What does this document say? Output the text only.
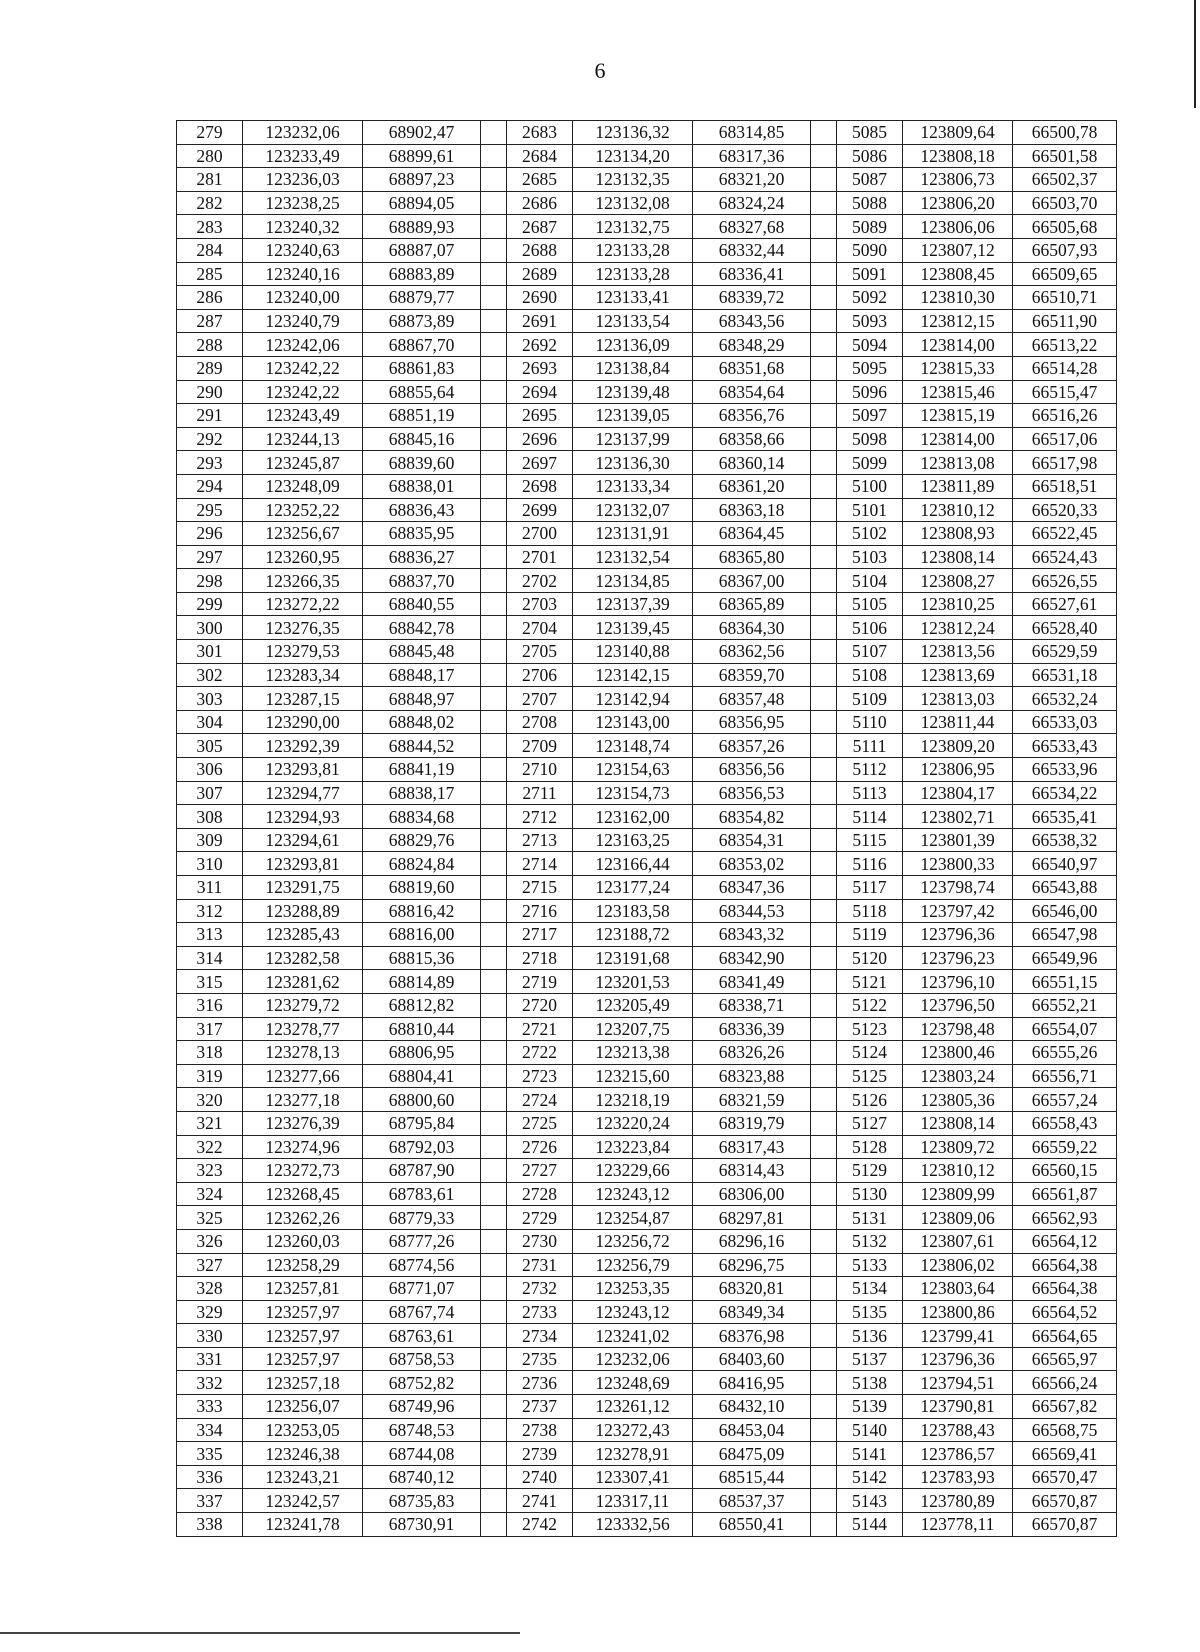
6
279	123232,06	68902,47		2683	123136,32	68314,85		5085	123809,64	66500,78
280	123233,49	68899,61		2684	123134,20	68317,36		5086	123808,18	66501,58
281	123236,03	68897,23		2685	123132,35	68321,20		5087	123806,73	66502,37
282	123238,25	68894,05		2686	123132,08	68324,24		5088	123806,20	66503,70
283	123240,32	68889,93		2687	123132,75	68327,68		5089	123806,06	66505,68
284	123240,63	68887,07		2688	123133,28	68332,44		5090	123807,12	66507,93
285	123240,16	68883,89		2689	123133,28	68336,41		5091	123808,45	66509,65
286	123240,00	68879,77		2690	123133,41	68339,72		5092	123810,30	66510,71
287	123240,79	68873,89		2691	123133,54	68343,56		5093	123812,15	66511,90
288	123242,06	68867,70		2692	123136,09	68348,29		5094	123814,00	66513,22
289	123242,22	68861,83		2693	123138,84	68351,68		5095	123815,33	66514,28
290	123242,22	68855,64		2694	123139,48	68354,64		5096	123815,46	66515,47
291	123243,49	68851,19		2695	123139,05	68356,76		5097	123815,19	66516,26
292	123244,13	68845,16		2696	123137,99	68358,66		5098	123814,00	66517,06
293	123245,87	68839,60		2697	123136,30	68360,14		5099	123813,08	66517,98
294	123248,09	68838,01		2698	123133,34	68361,20		5100	123811,89	66518,51
295	123252,22	68836,43		2699	123132,07	68363,18		5101	123810,12	66520,33
296	123256,67	68835,95		2700	123131,91	68364,45		5102	123808,93	66522,45
297	123260,95	68836,27		2701	123132,54	68365,80		5103	123808,14	66524,43
298	123266,35	68837,70		2702	123134,85	68367,00		5104	123808,27	66526,55
299	123272,22	68840,55		2703	123137,39	68365,89		5105	123810,25	66527,61
300	123276,35	68842,78		2704	123139,45	68364,30		5106	123812,24	66528,40
301	123279,53	68845,48		2705	123140,88	68362,56		5107	123813,56	66529,59
302	123283,34	68848,17		2706	123142,15	68359,70		5108	123813,69	66531,18
303	123287,15	68848,97		2707	123142,94	68357,48		5109	123813,03	66532,24
304	123290,00	68848,02		2708	123143,00	68356,95		5110	123811,44	66533,03
305	123292,39	68844,52		2709	123148,74	68357,26		5111	123809,20	66533,43
306	123293,81	68841,19		2710	123154,63	68356,56		5112	123806,95	66533,96
307	123294,77	68838,17		2711	123154,73	68356,53		5113	123804,17	66534,22
308	123294,93	68834,68		2712	123162,00	68354,82		5114	123802,71	66535,41
309	123294,61	68829,76		2713	123163,25	68354,31		5115	123801,39	66538,32
310	123293,81	68824,84		2714	123166,44	68353,02		5116	123800,33	66540,97
311	123291,75	68819,60		2715	123177,24	68347,36		5117	123798,74	66543,88
312	123288,89	68816,42		2716	123183,58	68344,53		5118	123797,42	66546,00
313	123285,43	68816,00		2717	123188,72	68343,32		5119	123796,36	66547,98
314	123282,58	68815,36		2718	123191,68	68342,90		5120	123796,23	66549,96
315	123281,62	68814,89		2719	123201,53	68341,49		5121	123796,10	66551,15
316	123279,72	68812,82		2720	123205,49	68338,71		5122	123796,50	66552,21
317	123278,77	68810,44		2721	123207,75	68336,39		5123	123798,48	66554,07
318	123278,13	68806,95		2722	123213,38	68326,26		5124	123800,46	66555,26
319	123277,66	68804,41		2723	123215,60	68323,88		5125	123803,24	66556,71
320	123277,18	68800,60		2724	123218,19	68321,59		5126	123805,36	66557,24
321	123276,39	68795,84		2725	123220,24	68319,79		5127	123808,14	66558,43
322	123274,96	68792,03		2726	123223,84	68317,43		5128	123809,72	66559,22
323	123272,73	68787,90		2727	123229,66	68314,43		5129	123810,12	66560,15
324	123268,45	68783,61		2728	123243,12	68306,00		5130	123809,99	66561,87
325	123262,26	68779,33		2729	123254,87	68297,81		5131	123809,06	66562,93
326	123260,03	68777,26		2730	123256,72	68296,16		5132	123807,61	66564,12
327	123258,29	68774,56		2731	123256,79	68296,75		5133	123806,02	66564,38
328	123257,81	68771,07		2732	123253,35	68320,81		5134	123803,64	66564,38
329	123257,97	68767,74		2733	123243,12	68349,34		5135	123800,86	66564,52
330	123257,97	68763,61		2734	123241,02	68376,98		5136	123799,41	66564,65
331	123257,97	68758,53		2735	123232,06	68403,60		5137	123796,36	66565,97
332	123257,18	68752,82		2736	123248,69	68416,95		5138	123794,51	66566,24
333	123256,07	68749,96		2737	123261,12	68432,10		5139	123790,81	66567,82
334	123253,05	68748,53		2738	123272,43	68453,04		5140	123788,43	66568,75
335	123246,38	68744,08		2739	123278,91	68475,09		5141	123786,57	66569,41
336	123243,21	68740,12		2740	123307,41	68515,44		5142	123783,93	66570,47
337	123242,57	68735,83		2741	123317,11	68537,37		5143	123780,89	66570,87
338	123241,78	68730,91		2742	123332,56	68550,41		5144	123778,11	66570,87
